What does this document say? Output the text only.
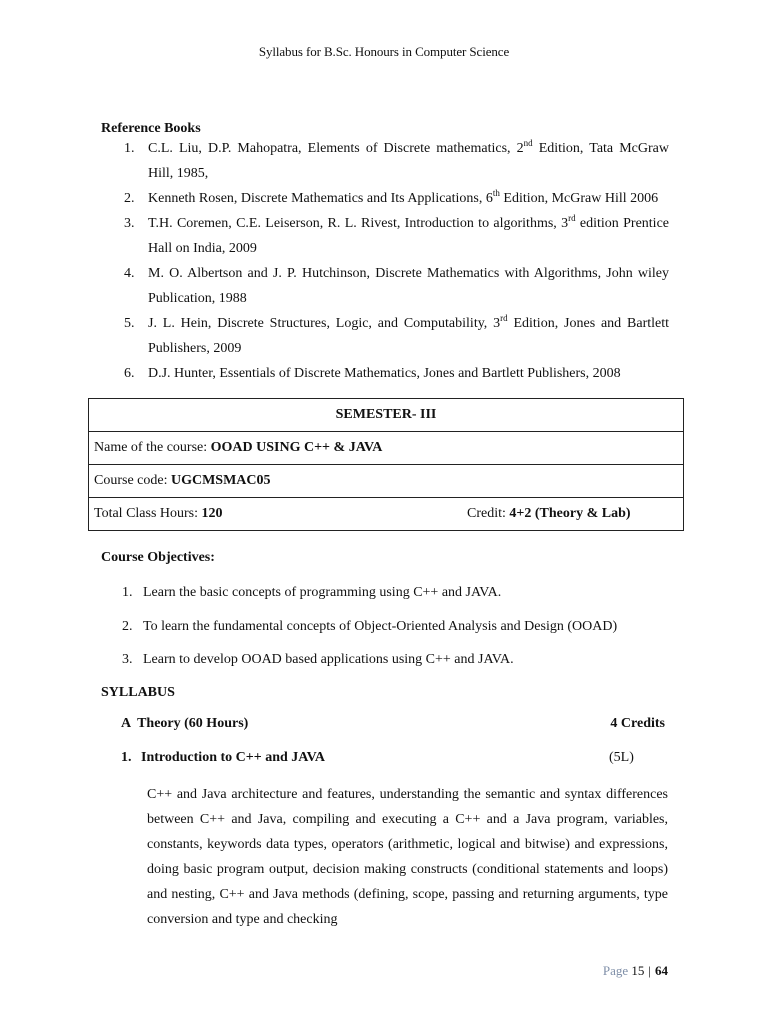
Syllabus for B.Sc. Honours in Computer Science
Reference Books
1. C.L. Liu, D.P. Mahopatra, Elements of Discrete mathematics, 2nd Edition, Tata McGraw Hill, 1985,
2. Kenneth Rosen, Discrete Mathematics and Its Applications, 6th Edition, McGraw Hill 2006
3. T.H. Coremen, C.E. Leiserson, R. L. Rivest, Introduction to algorithms, 3rd edition Prentice Hall on India, 2009
4. M. O. Albertson and J. P. Hutchinson, Discrete Mathematics with Algorithms, John wiley Publication, 1988
5. J. L. Hein, Discrete Structures, Logic, and Computability, 3rd Edition, Jones and Bartlett Publishers, 2009
6. D.J. Hunter, Essentials of Discrete Mathematics, Jones and Bartlett Publishers, 2008
SEMESTER- III
Name of the course: OOAD USING C++ & JAVA
Course code: UGCMSMAC05
Total Class Hours: 120	Credit: 4+2 (Theory & Lab)
Course Objectives:
1. Learn the basic concepts of programming using C++ and JAVA.
2. To learn the fundamental concepts of Object-Oriented Analysis and Design (OOAD)
3. Learn to develop OOAD based applications using C++ and JAVA.
SYLLABUS
A  Theory (60 Hours)	4 Credits
1. Introduction to C++ and JAVA	(5L)

C++ and Java architecture and features, understanding the semantic and syntax differences between C++ and Java, compiling and executing a C++ and a Java program, variables, constants, keywords data types, operators (arithmetic, logical and bitwise) and expressions, doing basic program output, decision making constructs (conditional statements and loops) and nesting, C++ and Java methods (defining, scope, passing and returning arguments, type conversion and type and checking

Page 15 | 64
